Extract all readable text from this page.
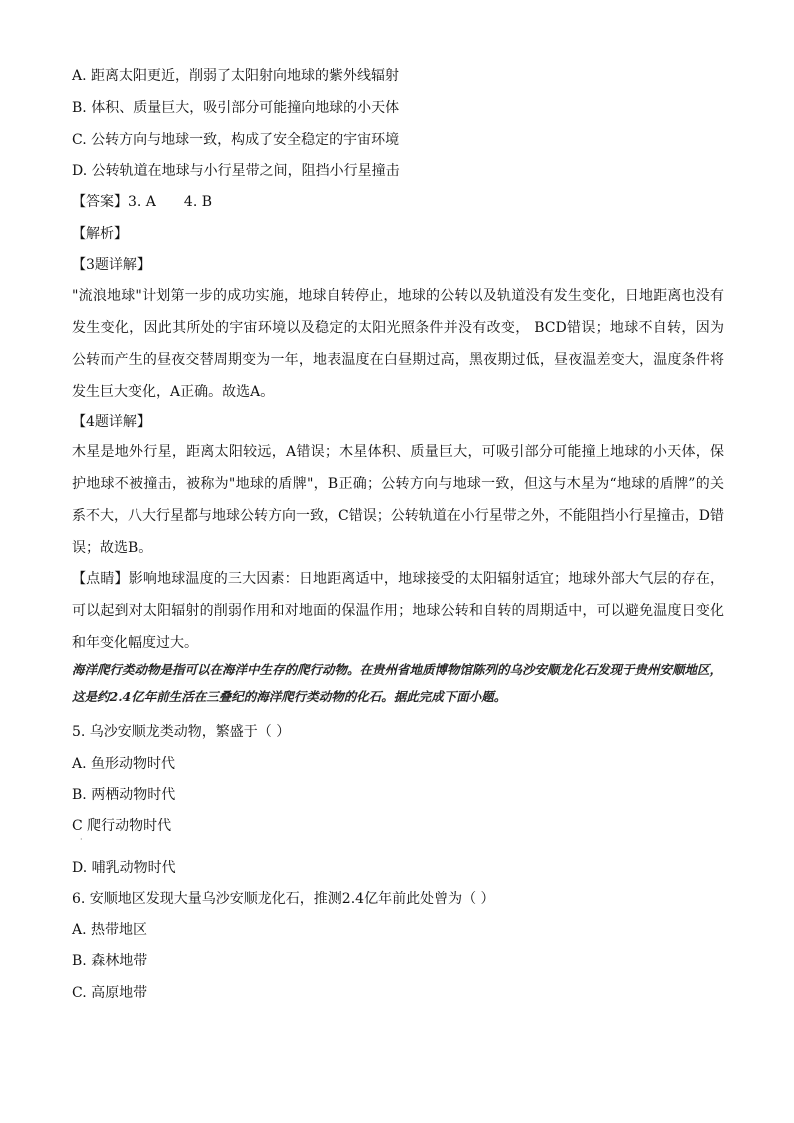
A. 距离太阳更近，削弱了太阳射向地球的紫外线辐射
B. 体积、质量巨大，吸引部分可能撞向地球的小天体
C. 公转方向与地球一致，构成了安全稳定的宇宙环境
D. 公转轨道在地球与小行星带之间，阻挡小行星撞击
【答案】3. A　　4. B
【解析】
【3题详解】
"流浪地球"计划第一步的成功实施，地球自转停止，地球的公转以及轨道没有发生变化，日地距离也没有发生变化，因此其所处的宇宙环境以及稳定的太阳光照条件并没有改变， BCD错误；地球不自转，因为公转而产生的昼夜交替周期变为一年，地表温度在白昼期过高，黑夜期过低，昼夜温差变大，温度条件将发生巨大变化，A正确。故选A。
【4题详解】
木星是地外行星，距离太阳较远，A错误；木星体积、质量巨大，可吸引部分可能撞上地球的小天体，保护地球不被撞击，被称为"地球的盾牌"，B正确；公转方向与地球一致，但这与木星为“地球的盾牌”的关系不大，八大行星都与地球公转方向一致，C错误；公转轨道在小行星带之外，不能阻挡小行星撞击，D错误；故选B。
【点睛】影响地球温度的三大因素：日地距离适中，地球接受的太阳辐射适宜；地球外部大气层的存在，可以起到对太阳辐射的削弱作用和对地面的保温作用；地球公转和自转的周期适中，可以避免温度日变化和年变化幅度过大。
海洋爬行类动物是指可以在海洋中生存的爬行动物。在贵州省地质博物馆陈列的乌沙安顺龙化石发现于贵州安顺地区，这是约2.4亿年前生活在三叠纪的海洋爬行类动物的化石。据此完成下面小题。
5. 乌沙安顺龙类动物，繁盛于（ ）
A. 鱼形动物时代
B. 两栖动物时代
C 爬行动物时代
·
D. 哺乳动物时代
6. 安顺地区发现大量乌沙安顺龙化石，推测2.4亿年前此处曾为（ ）
A. 热带地区
B. 森林地带
C. 高原地带
